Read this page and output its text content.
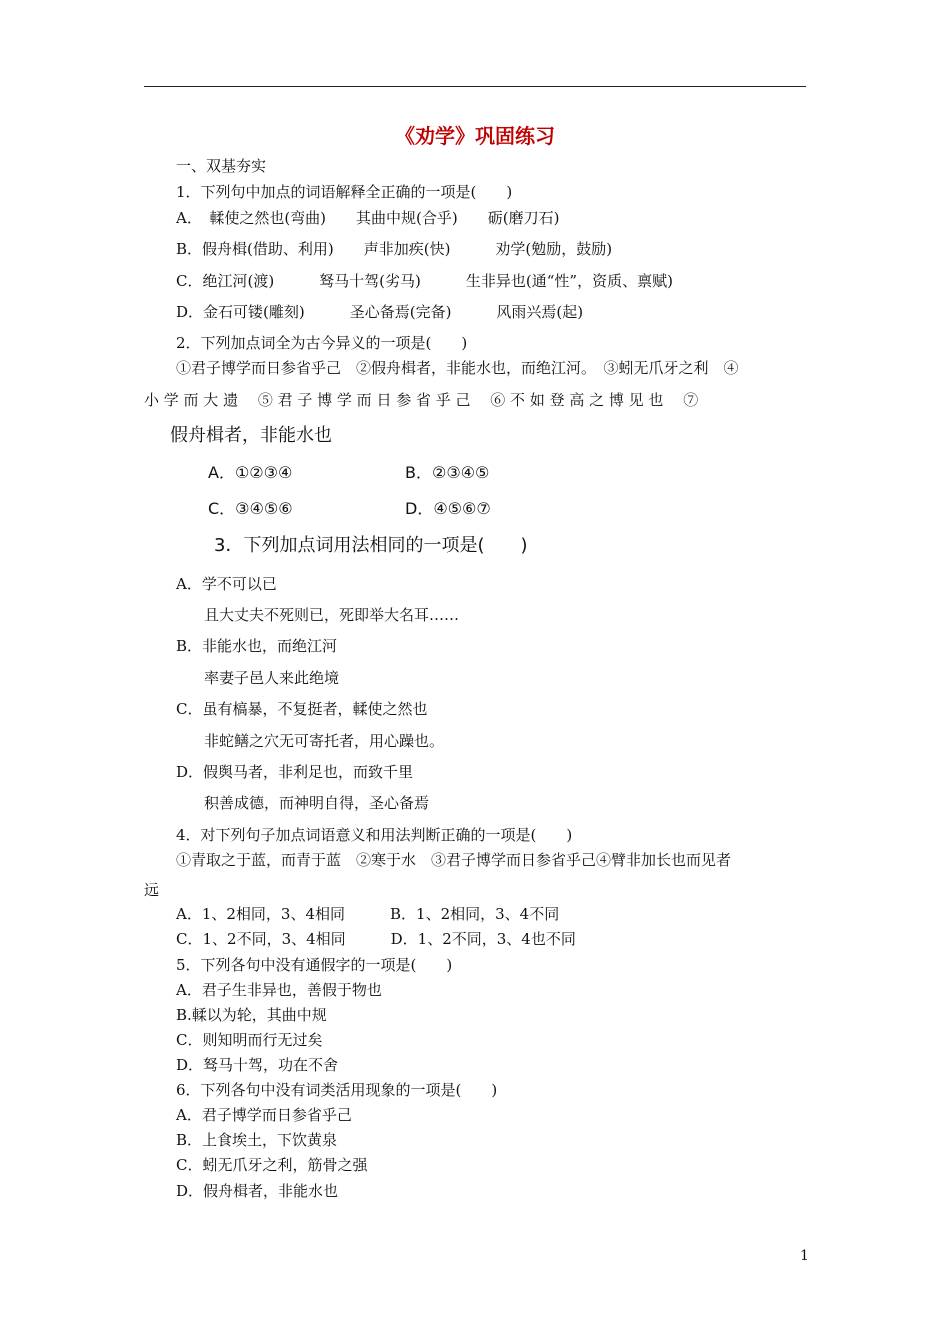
《劝学》巩固练习
一、双基夯实
1．下列句中加点的词语解释全正确的一项是(　　)
A．　輮使之然也(弯曲)　　其曲中规(合乎)　　砺(磨刀石)
B．假舟楫(借助、利用)　　声非加疾(快)　　　劝学(勉励，鼓励)
C．绝江河(渡)　　　驽马十驾(劣马)　　　生非异也(通“性”，资质、禀赋)
D．金石可镂(雕刻)　　　圣心备焉(完备)　　　风雨兴焉(起)
2．下列加点词全为古今异义的一项是(　　)
①君子博学而日参省乎己　②假舟楫者，非能水也，而绝江河。　③蚓无爪牙之利　④
小 学 而 大 遗　 ⑤ 君 子 博 学 而 日 参 省 乎 己　 ⑥ 不 如 登 高 之 博 见 也　 ⑦
假舟楫者，非能水也
A．①②③④	B．②③④⑤
C．③④⑤⑥	D．④⑤⑥⑦
3．下列加点词用法相同的一项是(　　)
A．学不可以已
且大丈夫不死则已，死即举大名耳……
B．非能水也，而绝江河
率妻子邑人来此绝境
C．虽有槁暴，不复挺者，輮使之然也
非蛇鳝之穴无可寄托者，用心躁也。
D．假舆马者，非利足也，而致千里
积善成德，而神明自得，圣心备焉
4．对下列句子加点词语意义和用法判断正确的一项是(　　)
①青取之于蓝，而青于蓝　②寒于水　③君子博学而日参省乎己④臂非加长也而见者
远
A．1、2相同，3、4相同　　　B．1、2相同，3、4不同
C．1、2不同，3、4相同　　　D．1、2不同，3、4也不同
5．下列各句中没有通假字的一项是(　　)
A．君子生非异也，善假于物也
B.輮以为轮，其曲中规
C．则知明而行无过矣
D．驽马十驾，功在不舍
6．下列各句中没有词类活用现象的一项是(　　)
A．君子博学而日参省乎己
B．上食埃土，下饮黄泉
C．蚓无爪牙之利，筋骨之强
D．假舟楫者，非能水也
1
